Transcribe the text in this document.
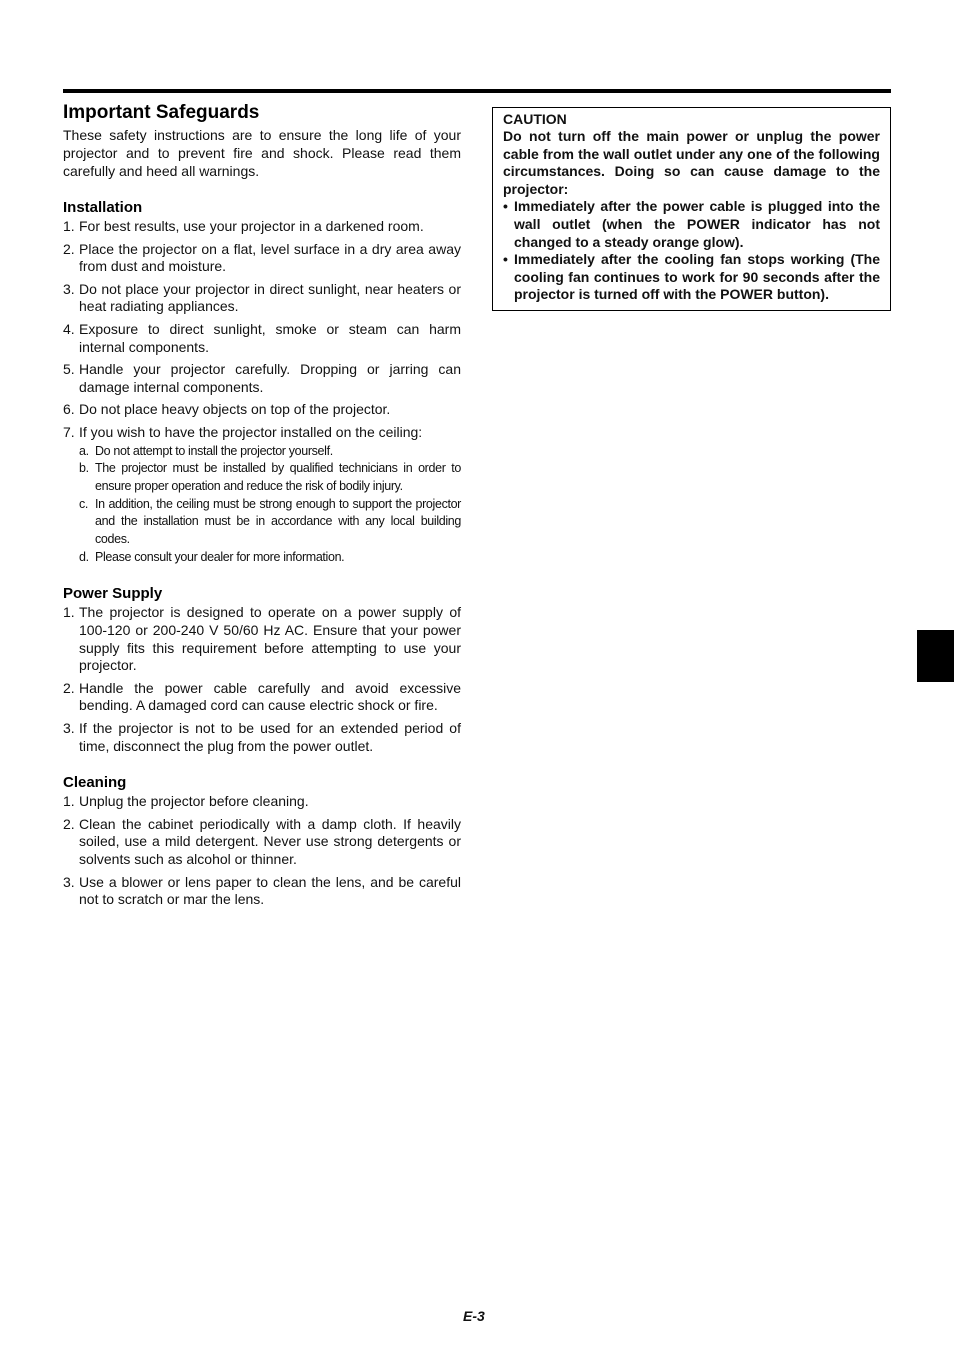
Important Safeguards

These safety instructions are to ensure the long life of your projector and to prevent fire and shock. Please read them carefully and heed all warnings.

Installation
1. For best results, use your projector in a darkened room.
2. Place the projector on a flat, level surface in a dry area away from dust and moisture.
3. Do not place your projector in direct sunlight, near heaters or heat radiating appliances.
4. Exposure to direct sunlight, smoke or steam can harm internal components.
5. Handle your projector carefully. Dropping or jarring can damage internal components.
6. Do not place heavy objects on top of the projector.
7. If you wish to have the projector installed on the ceiling:
a. Do not attempt to install the projector yourself.
b. The projector must be installed by qualified technicians in order to ensure proper operation and reduce the risk of bodily injury.
c. In addition, the ceiling must be strong enough to support the projector and the installation must be in accordance with any local building codes.
d. Please consult your dealer for more information.
Power Supply
1. The projector is designed to operate on a power supply of 100-120 or 200-240 V 50/60 Hz AC. Ensure that your power supply fits this requirement before attempting to use your projector.
2. Handle the power cable carefully and avoid excessive bending. A damaged cord can cause electric shock or fire.
3. If the projector is not to be used for an extended period of time, disconnect the plug from the power outlet.
Cleaning
1. Unplug the projector before cleaning.
2. Clean the cabinet periodically with a damp cloth. If heavily soiled, use a mild detergent. Never use strong detergents or solvents such as alcohol or thinner.
3. Use a blower or lens paper to clean the lens, and be careful not to scratch or mar the lens.
CAUTION
Do not turn off the main power or unplug the power cable from the wall outlet under any one of the following circumstances. Doing so can cause damage to the projector:
• Immediately after the power cable is plugged into the wall outlet (when the POWER indicator has not changed to a steady orange glow).
• Immediately after the cooling fan stops working (The cooling fan continues to work for 90 seconds after the projector is turned off with the POWER button).
E-3
